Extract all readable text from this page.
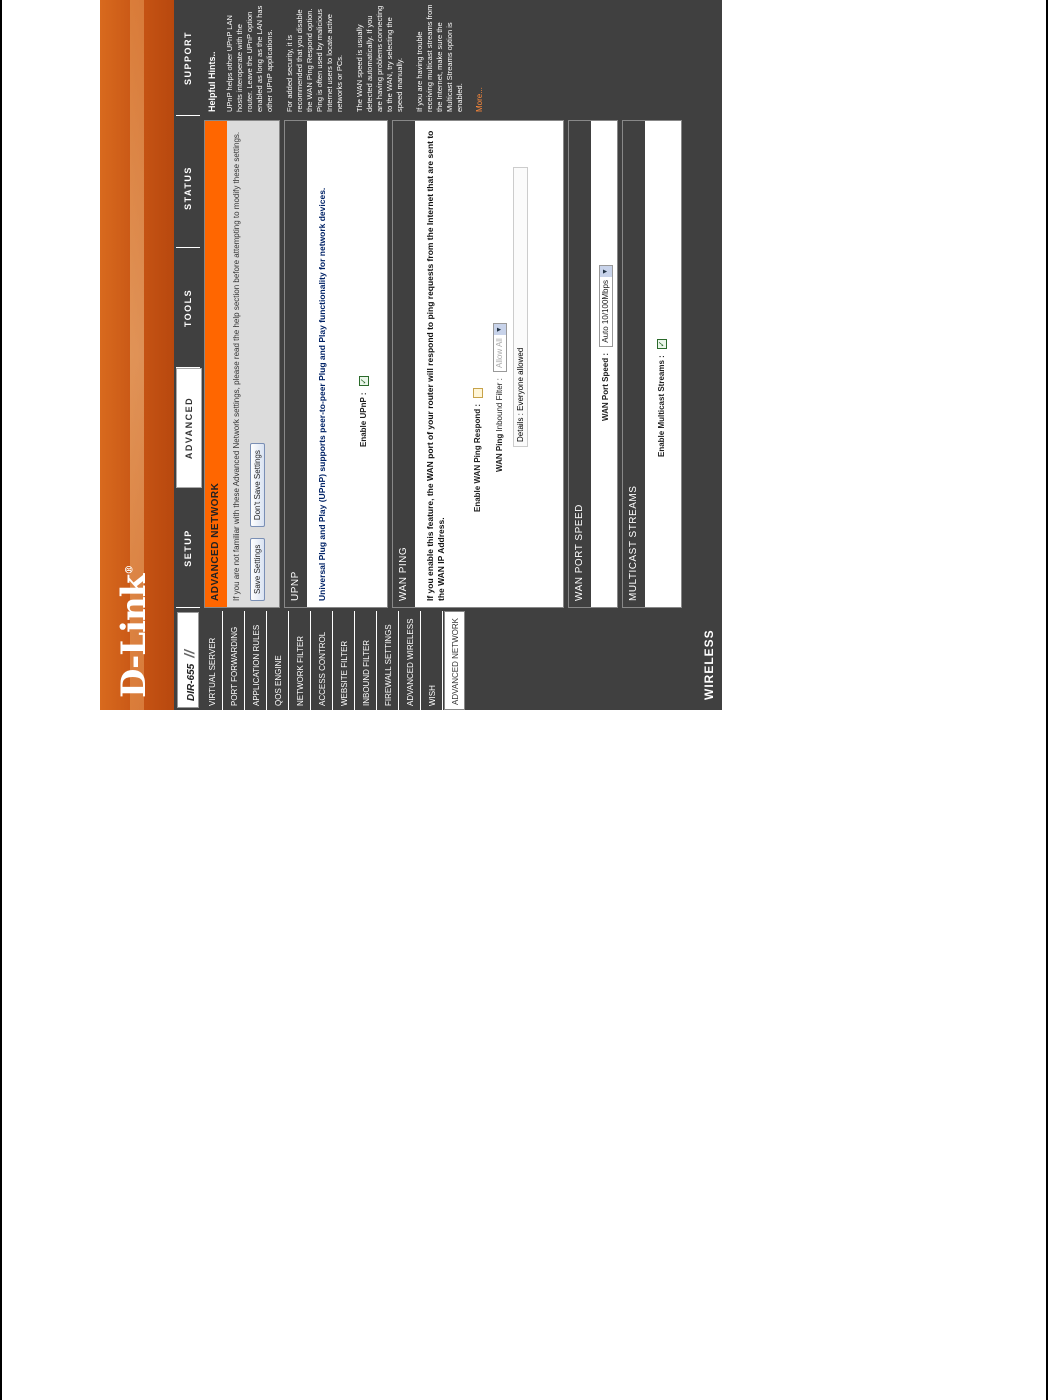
D-Link®
DIR-655//
SETUP
ADVANCED
TOOLS
STATUS
SUPPORT
VIRTUAL SERVER	PORT FORWARDING	APPLICATION RULES	QOS ENGINE	NETWORK FILTER	ACCESS CONTROL	WEBSITE FILTER	INBOUND FILTER	FIREWALL SETTINGS	ADVANCED WIRELESS	WISH	ADVANCED NETWORK	WIRELESS
ADVANCED NETWORK	If you are not familiar with these Advanced Network settings, please read the help section before attempting to modify these settings.	Save Settings Don't Save Settings
UPNP	Universal Plug and Play (UPnP) supports peer-to-peer Plug and Play functionality for network devices.	Enable UPnP : ✓
WAN PING	If you enable this feature, the WAN port of your router will respond to ping requests from the Internet that are sent to the WAN IP Address.
Enable WAN Ping Respond : WAN Ping Inbound Filter : Allow All
▼
Details : Everyone allowed
WAN PORT SPEED
WAN Port Speed : Auto 10/100Mbps
▼
MULTICAST STREAMS
Enable Multicast Streams : ✓
Helpful Hints.. UPnP helps other UPnP LAN hosts interoperate with the router. Leave the UPnP option enabled as long as the LAN has other UPnP applications. For added security, it is recommended that you disable the WAN Ping Respond option. Ping is often used by malicious Internet users to locate active networks or PCs. The WAN speed is usually detected automatically. If you are having problems connecting to the WAN, try selecting the speed manually. If you are having trouble receiving multicast streams from the Internet, make sure the Multicast Streams option is enabled. More...
